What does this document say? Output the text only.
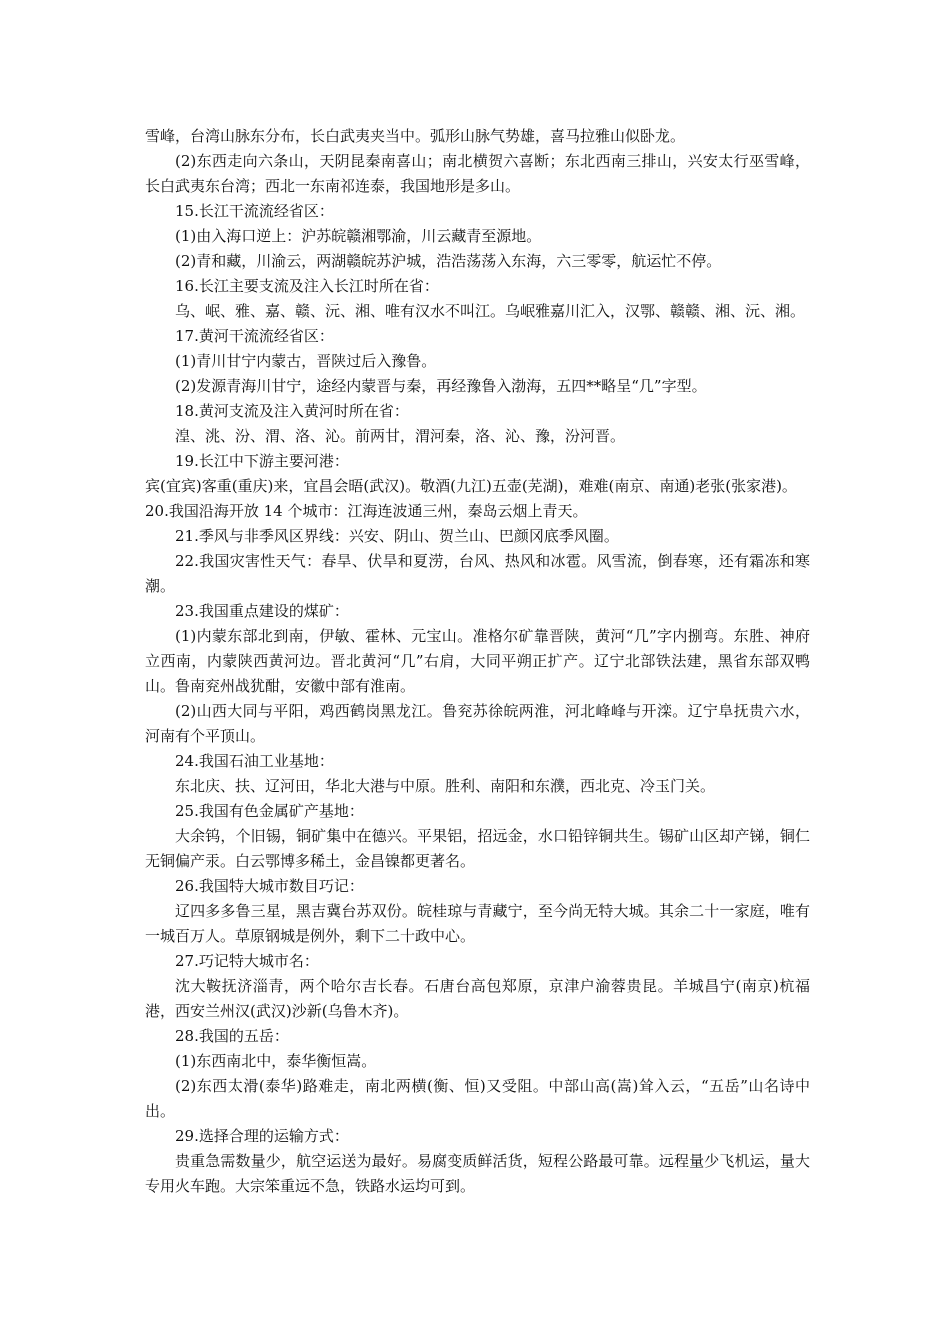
雪峰，台湾山脉东分布，长白武夷夹当中。弧形山脉气势雄，喜马拉雅山似卧龙。
(2)东西走向六条山，天阴昆秦南喜山；南北横贺六喜断；东北西南三排山，兴安太行巫雪峰，长白武夷东台湾；西北一东南祁连泰，我国地形是多山。
15.长江干流流经省区：
(1)由入海口逆上：沪苏皖赣湘鄂渝，川云藏青至源地。
(2)青和藏，川渝云，两湖赣皖苏沪城，浩浩荡荡入东海，六三零零，航运忙不停。
16.长江主要支流及注入长江时所在省：
乌、岷、雅、嘉、赣、沅、湘、唯有汉水不叫江。乌岷雅嘉川汇入，汉鄂、赣赣、湘、沅、湘。
17.黄河干流流经省区：
(1)青川甘宁内蒙古，晋陕过后入豫鲁。
(2)发源青海川甘宁，途经内蒙晋与秦，再经豫鲁入渤海，五四**略呈“几”字型。
18.黄河支流及注入黄河时所在省：
湟、洮、汾、渭、洛、沁。前两甘，渭河秦，洛、沁、豫，汾河晋。
19.长江中下游主要河港：
宾(宜宾)客重(重庆)来，宜昌会晤(武汉)。敬酒(九江)五壶(芜湖)，难难(南京、南通)老张(张家港)。
20.我国沿海开放 14 个城市：江海连波通三州，秦岛云烟上青天。
21.季风与非季风区界线：兴安、阴山、贺兰山、巴颜冈底季风圈。
22.我国灾害性天气：春旱、伏旱和夏涝，台风、热风和冰雹。风雪流，倒春寒，还有霜冻和寒潮。
23.我国重点建设的煤矿：
(1)内蒙东部北到南，伊敏、霍林、元宝山。准格尔矿靠晋陕，黄河“几”字内捌弯。东胜、神府立西南，内蒙陕西黄河边。晋北黄河“几”右肩，大同平朔正扩产。辽宁北部铁法建，黑省东部双鸭山。鲁南兖州战犹酣，安徽中部有淮南。
(2)山西大同与平阳，鸡西鹤岗黑龙江。鲁兖苏徐皖两淮，河北峰峰与开滦。辽宁阜抚贵六水，河南有个平顶山。
24.我国石油工业基地：
东北庆、扶、辽河田，华北大港与中原。胜利、南阳和东濮，西北克、冷玉门关。
25.我国有色金属矿产基地：
大余钨，个旧锡，铜矿集中在德兴。平果铝，招远金，水口铅锌铜共生。锡矿山区却产锑，铜仁无铜偏产汞。白云鄂博多稀土，金昌镍都更著名。
26.我国特大城市数目巧记：
辽四多多鲁三星，黑吉冀台苏双份。皖桂琼与青藏宁，至今尚无特大城。其余二十一家庭，唯有一城百万人。草原钢城是例外，剩下二十政中心。
27.巧记特大城市名：
沈大鞍抚济淄青，两个哈尔吉长春。石唐台高包郑原，京津户渝蓉贵昆。羊城昌宁(南京)杭福港，西安兰州汉(武汉)沙新(乌鲁木齐)。
28.我国的五岳：
(1)东西南北中，泰华衡恒嵩。
(2)东西太滑(泰华)路难走，南北两横(衡、恒)又受阻。中部山高(嵩)耸入云，“五岳”山名诗中出。
29.选择合理的运输方式：
贵重急需数量少，航空运送为最好。易腐变质鲜活货，短程公路最可靠。远程量少飞机运，量大专用火车跑。大宗笨重远不急，铁路水运均可到。
